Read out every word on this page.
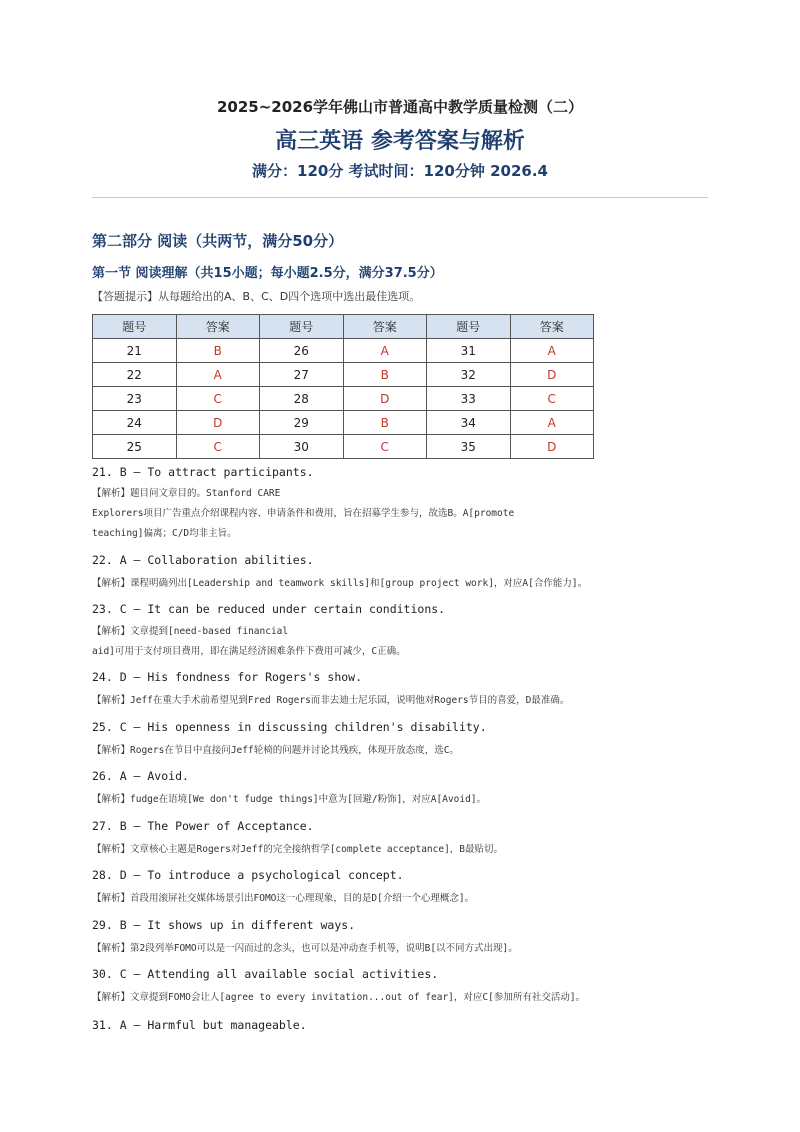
2025~2026学年佛山市普通高中教学质量检测（二）
高三英语 参考答案与解析
满分：120分 考试时间：120分钟 2026.4
第二部分 阅读（共两节，满分50分）
第一节 阅读理解（共15小题；每小题2.5分，满分37.5分）
【答题提示】从每题给出的A、B、C、D四个选项中选出最佳选项。
题号	答案	题号	答案	题号	答案
21	B	26	A	31	A
22	A	27	B	32	D
23	C	28	D	33	C
24	D	29	B	34	A
25	C	30	C	35	D
21. B — To attract participants.
【解析】题目问文章目的。Stanford CARE
Explorers项目广告重点介绍课程内容、申请条件和费用，旨在招募学生参与，故选B。A[promote
teaching]偏离；C/D均非主旨。
22. A — Collaboration abilities.
【解析】课程明确列出[Leadership and teamwork skills]和[group project work]，对应A[合作能力]。
23. C — It can be reduced under certain conditions.
【解析】文章提到[need-based financial
aid]可用于支付项目费用，即在满足经济困难条件下费用可减少，C正确。
24. D — His fondness for Rogers's show.
【解析】Jeff在重大手术前希望见到Fred Rogers而非去迪士尼乐园，说明他对Rogers节目的喜爱，D最准确。
25. C — His openness in discussing children's disability.
【解析】Rogers在节目中直接问Jeff轮椅的问题并讨论其残疾，体现开放态度，选C。
26. A — Avoid.
【解析】fudge在语境[We don't fudge things]中意为[回避/粉饰]，对应A[Avoid]。
27. B — The Power of Acceptance.
【解析】文章核心主题是Rogers对Jeff的完全接纳哲学[complete acceptance]，B最贴切。
28. D — To introduce a psychological concept.
【解析】首段用滚屏社交媒体场景引出FOMO这一心理现象，目的是D[介绍一个心理概念]。
29. B — It shows up in different ways.
【解析】第2段列举FOMO可以是一闪而过的念头，也可以是冲动查手机等，说明B[以不同方式出现]。
30. C — Attending all available social activities.
【解析】文章提到FOMO会让人[agree to every invitation...out of fear]，对应C[参加所有社交活动]。
31. A — Harmful but manageable.
